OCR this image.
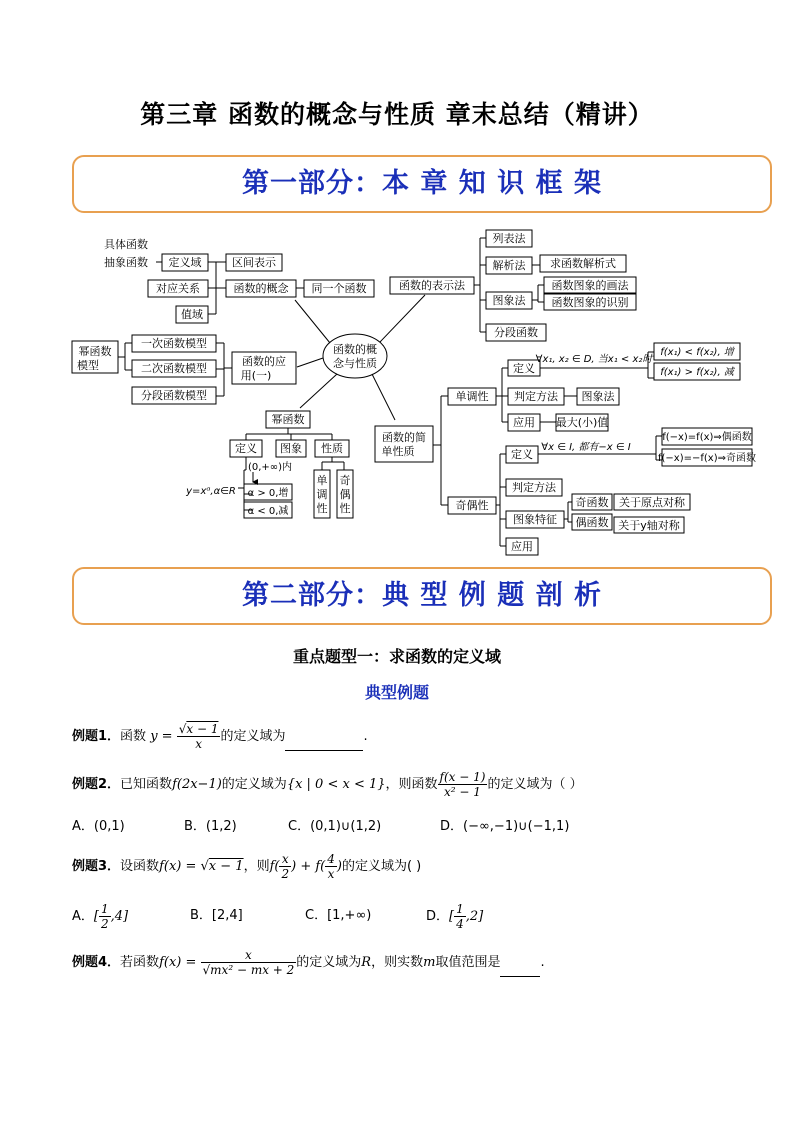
第三章 函数的概念与性质 章末总结（精讲）
第一部分：本 章 知 识 框 架
函数的概
念与性质
具体函数
抽象函数 定义域	区间表示
对应关系	函数的概念 同一个函数
值域
幂函数
模型
一次函数模型
二次函数模型
分段函数模型
函数的应
用(一)
幂函数
定义 图象 性质
y=xᵅ,α∈R
(0,+∞)内
α > 0,增
α < 0,减
单
调
性
奇
偶
性
函数的表示法
列表法
解析法
图象法
分段函数
求函数解析式
函数图象的画法
函数图象的识别
函数的简
单性质
单调性
定义
判定方法
应用
∀x₁, x₂ ∈ D, 当x₁ < x₂时
f(x₁) < f(x₂), 增
f(x₁) > f(x₂), 减
图象法
最大(小)值
奇偶性
定义
判定方法
图象特征
应用
∀x ∈ I, 都有−x ∈ I
f(−x)=f(x)⇒偶函数
f(−x)=−f(x)⇒奇函数
奇函数
偶函数
关于原点对称
关于y轴对称
第二部分：典 型 例 题 剖 析
重点题型一：求函数的定义域
典型例题
例题1．函数 $y = \frac{√x - 1}{x}$ 的定义域为	.
例题2．已知函数f(2x−1)的定义域为{x | 0 < x < 1}，则函数 $\frac{f(x - 1)}{\text{x² − 1}}$ 的定义域为（ ）
A．(0,1)	B．(1,2)	C．(0,1)∪(1,2)	D．(−∞,−1)∪(−1,1)
例题3．设函数f(x) = √x − 1，则$f( \frac{x}{2}$ ) + $f( \frac{4}{x}$ )的定义域为( )
A．[ $\frac{1}{2} ,4$]	B．[2,4]	C．[1,+∞)	D．[ $\frac{1}{4} ,2$]
例题4．若函数$f(x) = \frac{x}{\text{√mx² − mx + 2}}$ 的定义域为R，则实数m取值范围是	.
